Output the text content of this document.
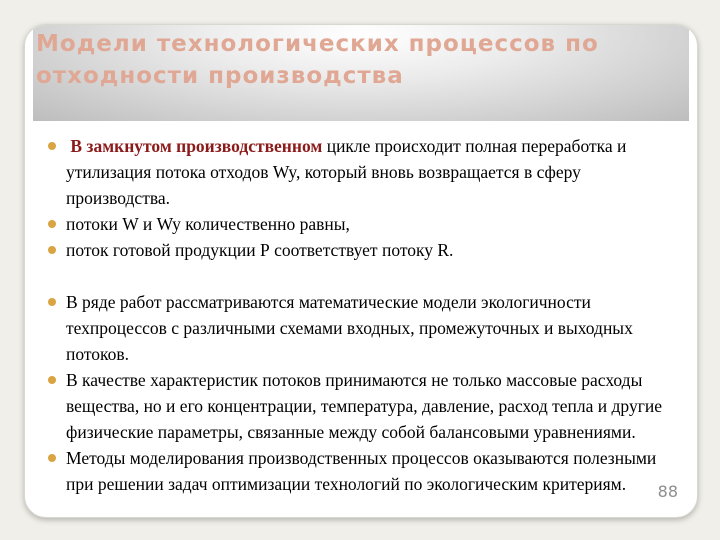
Модели технологических процессов по
отходности производства
В замкнутом производственном цикле происходит полная переработка и утилизация потока отходов Wy, который вновь возвращается в сферу производства.
потоки W и Wy количественно равны,
поток готовой продукции Р соответствует потоку R.
В ряде работ рассматриваются математические модели экологичности техпроцессов с различными схемами входных, промежуточных и выходных потоков.
В качестве характеристик потоков принимаются не только массовые расходы вещества, но и его концентрации, температура, давление, расход тепла и другие физические параметры, связанные между собой балансовыми уравнениями.
Методы моделирования производственных процессов оказываются полезными при решении задач оптимизации технологий по экологическим критериям.	88
